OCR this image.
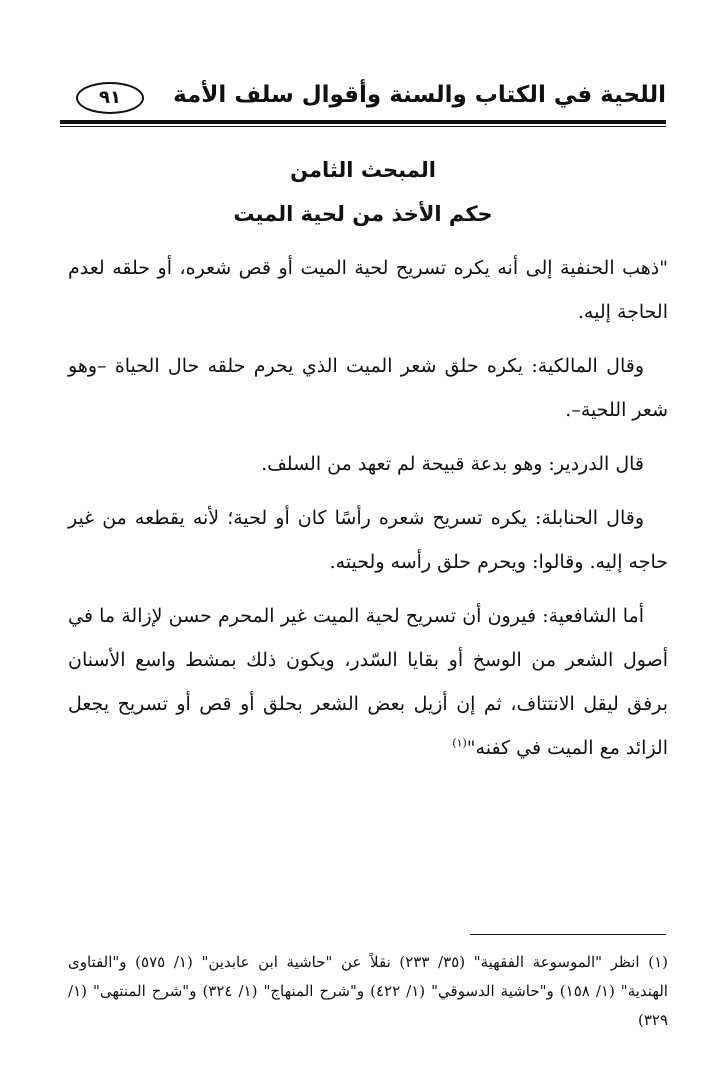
اللحية في الكتاب والسنة وأقوال سلف الأمة
٩١
المبحث الثامن
حكم الأخذ من لحية الميت

"ذهب الحنفية إلى أنه يكره تسريح لحية الميت أو قص شعره، أو حلقه لعدم الحاجة إليه.

وقال المالكية: يكره حلق شعر الميت الذي يحرم حلقه حال الحياة –وهو شعر اللحية–.

قال الدردير: وهو بدعة قبيحة لم تعهد من السلف.

وقال الحنابلة: يكره تسريح شعره رأسًا كان أو لحية؛ لأنه يقطعه من غير حاجه إليه. وقالوا: ويحرم حلق رأسه ولحيته.

أما الشافعية: فيرون أن تسريح لحية الميت غير المحرم حسن لإزالة ما في أصول الشعر من الوسخ أو بقايا السّدر، ويكون ذلك بمشط واسع الأسنان برفق ليقل الانتتاف، ثم إن أزيل بعض الشعر بحلق أو قص أو تسريح يجعل الزائد مع الميت في كفنه"$^{(١)}$

(١) انظر "الموسوعة الفقهية" (٣٥/ ٢٣٣) نقلاً عن "حاشية ابن عابدين" (١/ ٥٧٥) و"الفتاوى الهندية" (١/ ١٥٨) و"حاشية الدسوقي" (١/ ٤٢٢) و"شرح المنهاج" (١/ ٣٢٤) و"شرح المنتهى" (١/ ٣٢٩)
